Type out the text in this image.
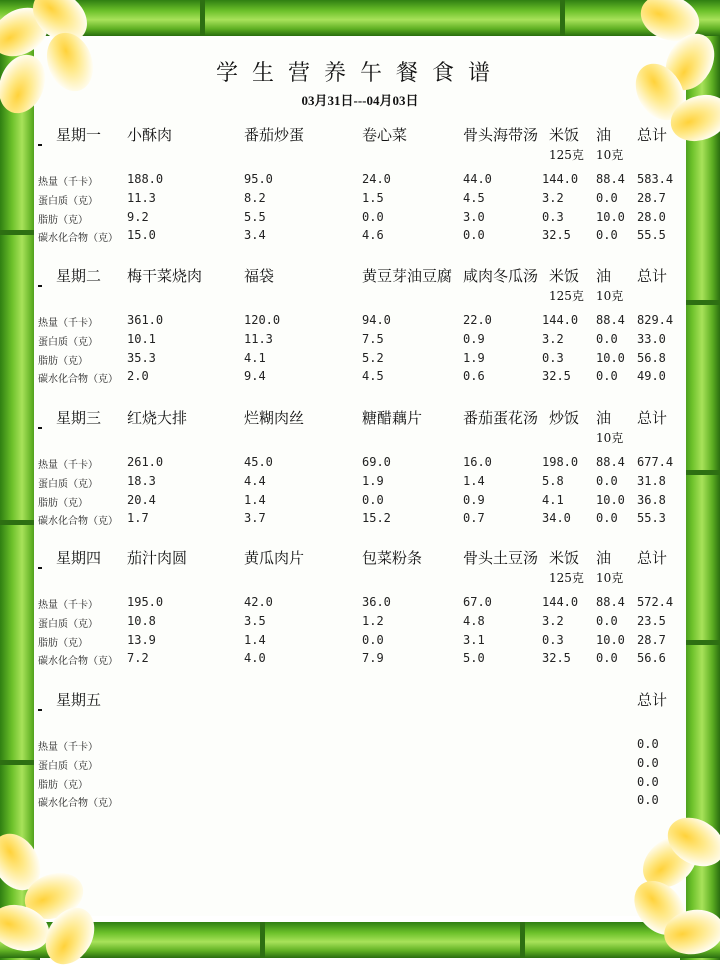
学生营养午餐食谱
03月31日---04月03日
星期一 小酥肉	番茄炒蛋	卷心菜	骨头海带汤 米饭 油 总计
125克 10克
热量（千卡） 188.0	95.0	24.0	44.0	144.0 88.4 583.4
蛋白质（克） 11.3	8.2	1.5	4.5	3.2	0.0 28.7
脂肪（克）	9.2	5.5	0.0	3.0	0.3	10.0 28.0
碳水化合物（克） 15.0	3.4	4.6	0.0	32.5 0.0 55.5
星期二 梅干菜烧肉	福袋	黄豆芽油豆腐 咸肉冬瓜汤 米饭 油 总计
125克 10克
热量（千卡） 361.0	120.0	94.0	22.0	144.0 88.4 829.4
蛋白质（克） 10.1	11.3	7.5	0.9	3.2	0.0 33.0
脂肪（克）	35.3	4.1	5.2	1.9	0.3	10.0 56.8
碳水化合物（克） 2.0	9.4	4.5	0.6	32.5 0.0 49.0
星期三 红烧大排	烂糊肉丝	糖醋藕片	番茄蛋花汤 炒饭 油 总计
10克
热量（千卡） 261.0	45.0	69.0	16.0	198.0 88.4 677.4
蛋白质（克） 18.3	4.4	1.9	1.4	5.8	0.0 31.8
脂肪（克）	20.4	1.4	0.0	0.9	4.1	10.0 36.8
碳水化合物（克） 1.7	3.7	15.2	0.7	34.0 0.0 55.3
星期四 茄汁肉圆	黄瓜肉片	包菜粉条	骨头土豆汤 米饭 油 总计
125克 10克
热量（千卡） 195.0	42.0	36.0	67.0	144.0 88.4 572.4
蛋白质（克） 10.8	3.5	1.2	4.8	3.2	0.0 23.5
脂肪（克）	13.9	1.4	0.0	3.1	0.3	10.0 28.7
碳水化合物（克） 7.2	4.0	7.9	5.0	32.5 0.0 56.6
星期五	总计
热量（千卡）	0.0
蛋白质（克）	0.0
脂肪（克）	0.0
碳水化合物（克）	0.0
